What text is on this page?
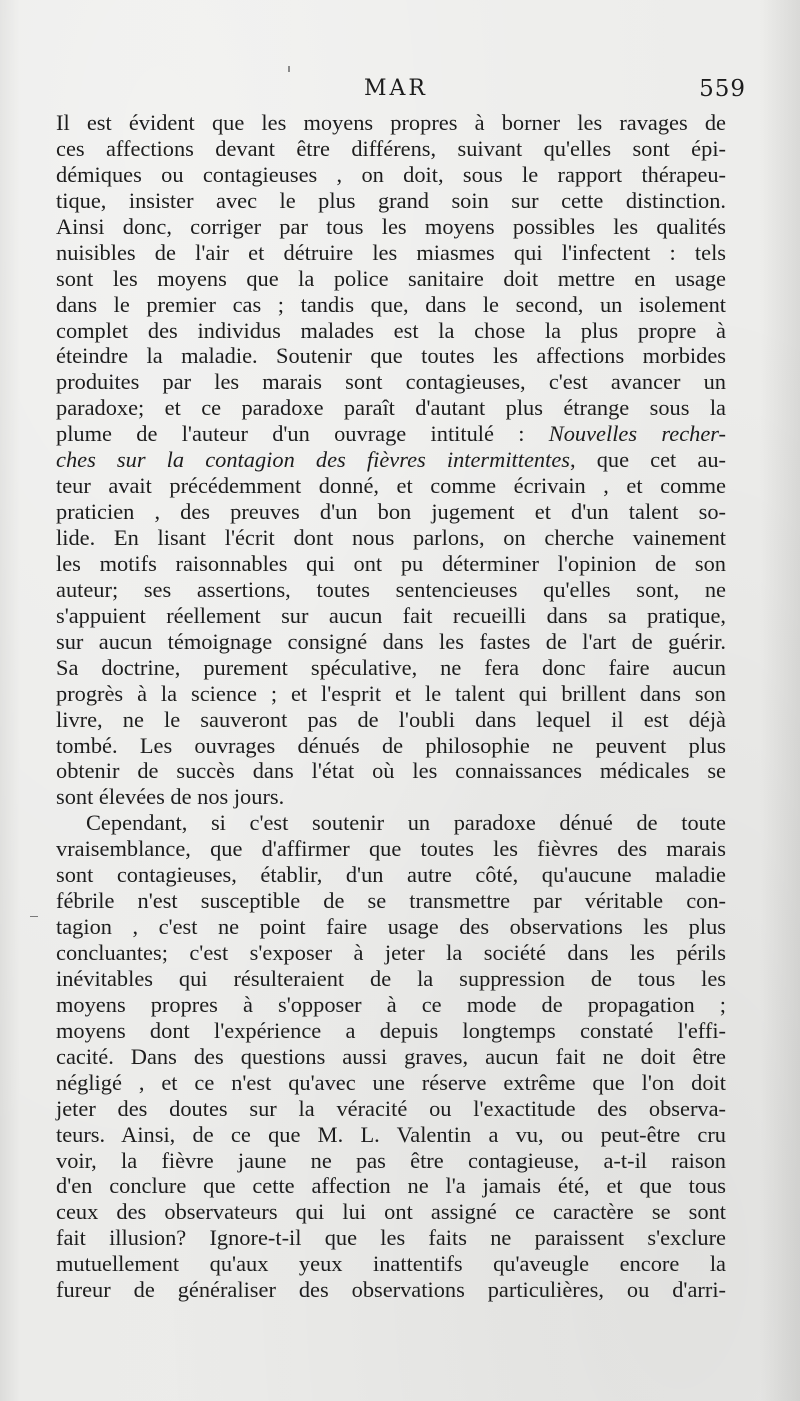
MAR	559

Il est évident que les moyens propres à borner les ravages de
ces affections devant être différens, suivant qu'elles sont épi-
démiques ou contagieuses , on doit, sous le rapport thérapeu-
tique, insister avec le plus grand soin sur cette distinction.
Ainsi donc, corriger par tous les moyens possibles les qualités
nuisibles de l'air et détruire les miasmes qui l'infectent : tels
sont les moyens que la police sanitaire doit mettre en usage
dans le premier cas ; tandis que, dans le second, un isolement
complet des individus malades est la chose la plus propre à
éteindre la maladie. Soutenir que toutes les affections morbides
produites par les marais sont contagieuses, c'est avancer un
paradoxe; et ce paradoxe paraît d'autant plus étrange sous la
plume de l'auteur d'un ouvrage intitulé : Nouvelles recher-
ches sur la contagion des fièvres intermittentes, que cet au-
teur avait précédemment donné, et comme écrivain , et comme
praticien , des preuves d'un bon jugement et d'un talent so-
lide. En lisant l'écrit dont nous parlons, on cherche vainement
les motifs raisonnables qui ont pu déterminer l'opinion de son
auteur; ses assertions, toutes sentencieuses qu'elles sont, ne
s'appuient réellement sur aucun fait recueilli dans sa pratique,
sur aucun témoignage consigné dans les fastes de l'art de guérir.
Sa doctrine, purement spéculative, ne fera donc faire aucun
progrès à la science ; et l'esprit et le talent qui brillent dans son
livre, ne le sauveront pas de l'oubli dans lequel il est déjà
tombé. Les ouvrages dénués de philosophie ne peuvent plus
obtenir de succès dans l'état où les connaissances médicales se
sont élevées de nos jours.

Cependant, si c'est soutenir un paradoxe dénué de toute
vraisemblance, que d'affirmer que toutes les fièvres des marais
sont contagieuses, établir, d'un autre côté, qu'aucune maladie
fébrile n'est susceptible de se transmettre par véritable con-
tagion , c'est ne point faire usage des observations les plus
concluantes; c'est s'exposer à jeter la société dans les périls
inévitables qui résulteraient de la suppression de tous les
moyens propres à s'opposer à ce mode de propagation ;
moyens dont l'expérience a depuis longtemps constaté l'effi-
cacité. Dans des questions aussi graves, aucun fait ne doit être
négligé , et ce n'est qu'avec une réserve extrême que l'on doit
jeter des doutes sur la véracité ou l'exactitude des observa-
teurs. Ainsi, de ce que M. L. Valentin a vu, ou peut-être cru
voir, la fièvre jaune ne pas être contagieuse, a-t-il raison
d'en conclure que cette affection ne l'a jamais été, et que tous
ceux des observateurs qui lui ont assigné ce caractère se sont
fait illusion? Ignore-t-il que les faits ne paraissent s'exclure
mutuellement qu'aux yeux inattentifs qu'aveugle encore la
fureur de généraliser des observations particulières, ou d'arri-
